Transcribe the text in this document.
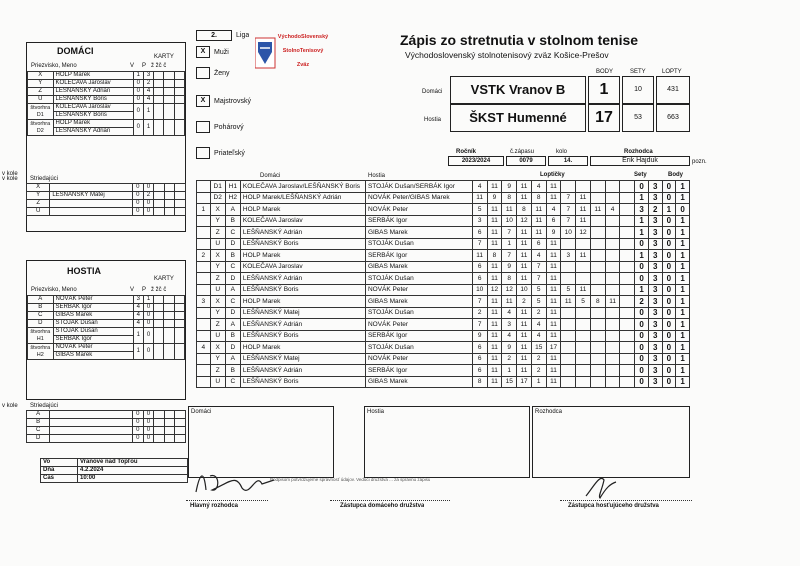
v kole
DOMÁCI
KARTY
Priezvisko, Meno	V P ž žč č
X	HOLP Marek	1	3			
Y	KOLEČAVA Jaroslav	0	2			
Z	LEŠŇANSKÝ Adrián	0	4			
U	LEŠŇANSKÝ Boris	0	4			
štvorhra D1	KOLEČAVA Jaroslav	0	1			
	LEŠŇANSKÝ Boris					
štvorhra D2	HOLP Marek	0	1			
	LEŠŇANSKÝ Adrián					
v kole Striedajúci
X		0	0			
Y	LEŠŇANSKÝ Matej	0	2			
Z		0	0			
U		0	0			
HOSTIA
KARTY
Priezvisko, Meno	V P ž žč č
A	NOVÁK Peter	3	1			
B	SERBÁK Igor	4	0			
C	GIBAS Marek	4	0			
D	STOJÁK Dušan	4	0			
štvorhra H1	STOJÁK Dušan	1	0			
	SERBÁK Igor					
štvorhra H2	NOVÁK Peter	1	0			
	GIBAS Marek					
v kole Striedajúci
A		0	0			
B		0	0			
C		0	0			
D		0	0			
Vo	Vranove nad Topľou
Dňa	4.2.2024
Čas	10:00
2.	Liga
X	Muži
Ženy
X	Majstrovský
Pohárový
Priateľský
VýchodoSlovenský
StolnoTenisový
Zväz
Zápis zo stretnutia v stolnom tenise
Východoslovenský stolnotenisový zväz Košice-Prešov
BODY	SETY	LOPTY
Domáci	VSTK Vranov B	1	10	431
Hostia	ŠKST Humenné	17	53	663
Ročník	č.zápasu	kolo	Rozhodca
2023/2024	0079	14.	Erik Hajduk	pozn.
Domáci	Hostia	Loptičky	Sety	Body
	D1	H1	KOLEČAVA Jaroslav/LEŠŇANSKÝ Boris	STOJÁK Dušan/SERBÁK Igor	4	11	9	11	4	11						0	3	0	1
	D2	H2	HOLP Marek/LEŠŇANSKÝ Adrián	NOVÁK Peter/GIBAS Marek	11	9	8	11	8	11	7	11				1	3	0	1
1	X	A	HOLP Marek	NOVÁK Peter	5	11	11	8	11	4	7	11	11	4		3	2	1	0
	Y	B	KOLEČAVA Jaroslav	SERBÁK Igor	3	11	10	12	11	6	7	11				1	3	0	1
	Z	C	LEŠŇANSKÝ Adrián	GIBAS Marek	6	11	7	11	11	9	10	12				1	3	0	1
	U	D	LEŠŇANSKÝ Boris	STOJÁK Dušan	7	11	1	11	6	11						0	3	0	1
2	X	B	HOLP Marek	SERBÁK Igor	11	8	7	11	4	11	3	11				1	3	0	1
	Y	C	KOLEČAVA Jaroslav	GIBAS Marek	6	11	9	11	7	11						0	3	0	1
	Z	D	LEŠŇANSKÝ Adrián	STOJÁK Dušan	6	11	8	11	7	11						0	3	0	1
	U	A	LEŠŇANSKÝ Boris	NOVÁK Peter	10	12	12	10	5	11	5	11				1	3	0	1
3	X	C	HOLP Marek	GIBAS Marek	7	11	11	2	5	11	11	5	8	11		2	3	0	1
	Y	D	LEŠŇANSKÝ Matej	STOJÁK Dušan	2	11	4	11	2	11						0	3	0	1
	Z	A	LEŠŇANSKÝ Adrián	NOVÁK Peter	7	11	3	11	4	11						0	3	0	1
	U	B	LEŠŇANSKÝ Boris	SERBÁK Igor	9	11	4	11	4	11						0	3	0	1
4	X	D	HOLP Marek	STOJÁK Dušan	6	11	9	11	15	17						0	3	0	1
	Y	A	LEŠŇANSKÝ Matej	NOVÁK Peter	6	11	2	11	2	11						0	3	0	1
	Z	B	LEŠŇANSKÝ Adrián	SERBÁK Igor	6	11	1	11	2	11						0	3	0	1
	U	C	LEŠŇANSKÝ Boris	GIBAS Marek	8	11	15	17	1	11						0	3	0	1
Domáci	Hostia	Rozhodca
Hlavný rozhodca
Podpisom potvrdzujeme správnosť údajov. Vedúci družstva ... za správnu zápisu
Zástupca domáceho družstva	Zástupca hosťujúceho družstva
